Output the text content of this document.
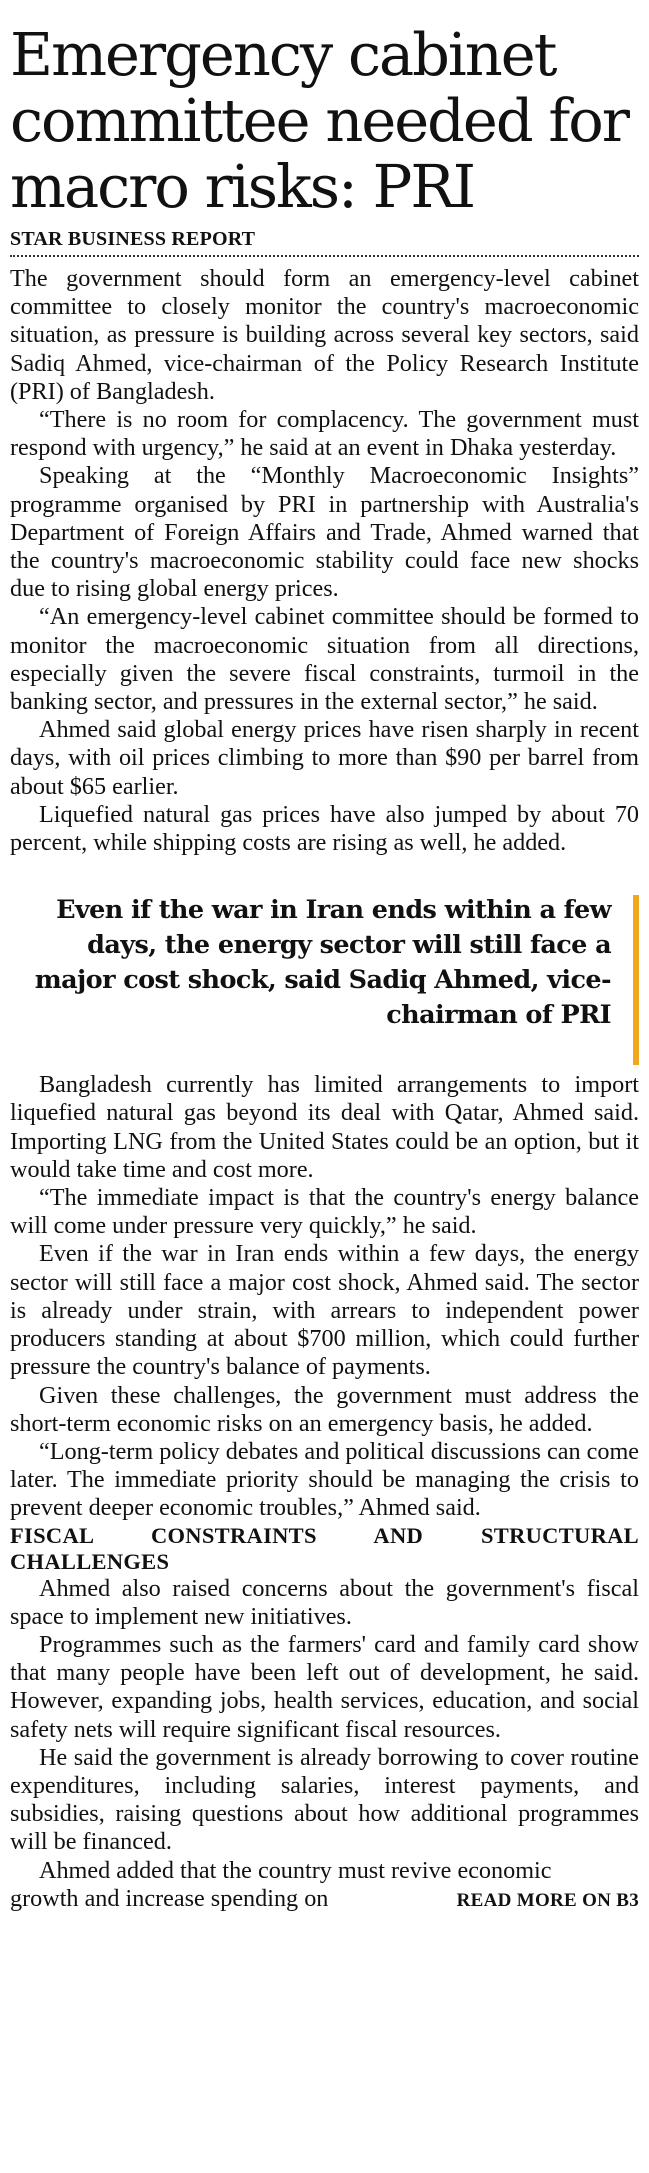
Emergency cabinet committee needed for macro risks: PRI
STAR BUSINESS REPORT

The government should form an emergency-level cabinet committee to closely monitor the country's macroeconomic situation, as pressure is building across several key sectors, said Sadiq Ahmed, vice-chairman of the Policy Research Institute (PRI) of Bangladesh.

“There is no room for complacency. The government must respond with urgency,” he said at an event in Dhaka yesterday.

Speaking at the “Monthly Macroeconomic Insights” programme organised by PRI in partnership with Australia's Department of Foreign Affairs and Trade, Ahmed warned that the country's macroeconomic stability could face new shocks due to rising global energy prices.

“An emergency-level cabinet committee should be formed to monitor the macroeconomic situation from all directions, especially given the severe fiscal constraints, turmoil in the banking sector, and pressures in the external sector,” he said.

Ahmed said global energy prices have risen sharply in recent days, with oil prices climbing to more than $90 per barrel from about $65 earlier.

Liquefied natural gas prices have also jumped by about 70 percent, while shipping costs are rising as well, he added.

Even if the war in Iran ends within a few days, the energy sector will still face a major cost shock, said Sadiq Ahmed, vice-chairman of PRI

Bangladesh currently has limited arrangements to import liquefied natural gas beyond its deal with Qatar, Ahmed said. Importing LNG from the United States could be an option, but it would take time and cost more.

“The immediate impact is that the country's energy balance will come under pressure very quickly,” he said.

Even if the war in Iran ends within a few days, the energy sector will still face a major cost shock, Ahmed said. The sector is already under strain, with arrears to independent power producers standing at about $700 million, which could further pressure the country's balance of payments.

Given these challenges, the government must address the short-term economic risks on an emergency basis, he added.

“Long-term policy debates and political discussions can come later. The immediate priority should be managing the crisis to prevent deeper economic troubles,” Ahmed said.

FISCAL CONSTRAINTS AND STRUCTURAL CHALLENGES

Ahmed also raised concerns about the government's fiscal space to implement new initiatives.

Programmes such as the farmers' card and family card show that many people have been left out of development, he said. However, expanding jobs, health services, education, and social safety nets will require significant fiscal resources.

He said the government is already borrowing to cover routine expenditures, including salaries, interest payments, and subsidies, raising questions about how additional programmes will be financed.

Ahmed added that the country must revive economic

growth and increase spending on	READ MORE ON B3
